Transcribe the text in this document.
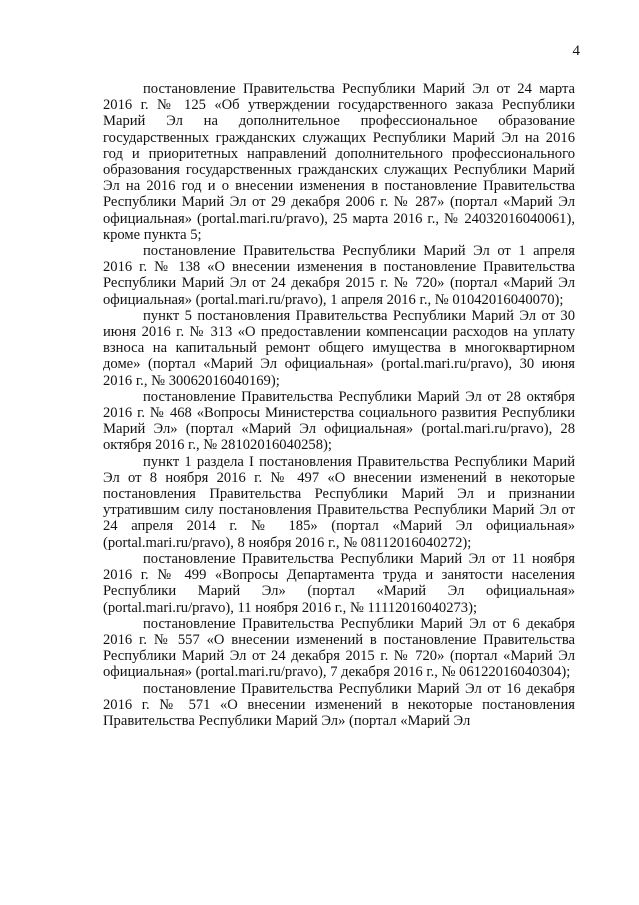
4

постановление Правительства Республики Марий Эл от 24 марта 2016 г. № 125 «Об утверждении государственного заказа Республики Марий Эл на дополнительное профессиональное образование государственных гражданских служащих Республики Марий Эл на 2016 год и приоритетных направлений дополнительного профессионального образования государственных гражданских служащих Республики Марий Эл на 2016 год и о внесении изменения в постановление Правительства Республики Марий Эл от 29 декабря 2006 г. № 287» (портал «Марий Эл официальная» (portal.mari.ru/pravo), 25 марта 2016 г., № 24032016040061), кроме пункта 5;

постановление Правительства Республики Марий Эл от 1 апреля 2016 г. № 138 «О внесении изменения в постановление Правительства Республики Марий Эл от 24 декабря 2015 г. № 720» (портал «Марий Эл официальная» (portal.mari.ru/pravo), 1 апреля 2016 г., № 01042016040070);

пункт 5 постановления Правительства Республики Марий Эл от 30 июня 2016 г. № 313 «О предоставлении компенсации расходов на уплату взноса на капитальный ремонт общего имущества в многоквартирном доме» (портал «Марий Эл официальная» (portal.mari.ru/pravo), 30 июня 2016 г., № 30062016040169);

постановление Правительства Республики Марий Эл от 28 октября 2016 г. № 468 «Вопросы Министерства социального развития Республики Марий Эл» (портал «Марий Эл официальная» (portal.mari.ru/pravo), 28 октября 2016 г., № 28102016040258);

пункт 1 раздела I постановления Правительства Республики Марий Эл от 8 ноября 2016 г. № 497 «О внесении изменений в некоторые постановления Правительства Республики Марий Эл и признании утратившим силу постановления Правительства Республики Марий Эл от 24 апреля 2014 г. № 185» (портал «Марий Эл официальная» (portal.mari.ru/pravo), 8 ноября 2016 г., № 08112016040272);

постановление Правительства Республики Марий Эл от 11 ноября 2016 г. № 499 «Вопросы Департамента труда и занятости населения Республики Марий Эл» (портал «Марий Эл официальная» (portal.mari.ru/pravo), 11 ноября 2016 г., № 11112016040273);

постановление Правительства Республики Марий Эл от 6 декабря 2016 г. № 557 «О внесении изменений в постановление Правительства Республики Марий Эл от 24 декабря 2015 г. № 720» (портал «Марий Эл официальная» (portal.mari.ru/pravo), 7 декабря 2016 г., № 06122016040304);

постановление Правительства Республики Марий Эл от 16 декабря 2016 г. № 571 «О внесении изменений в некоторые постановления Правительства Республики Марий Эл» (портал «Марий Эл
